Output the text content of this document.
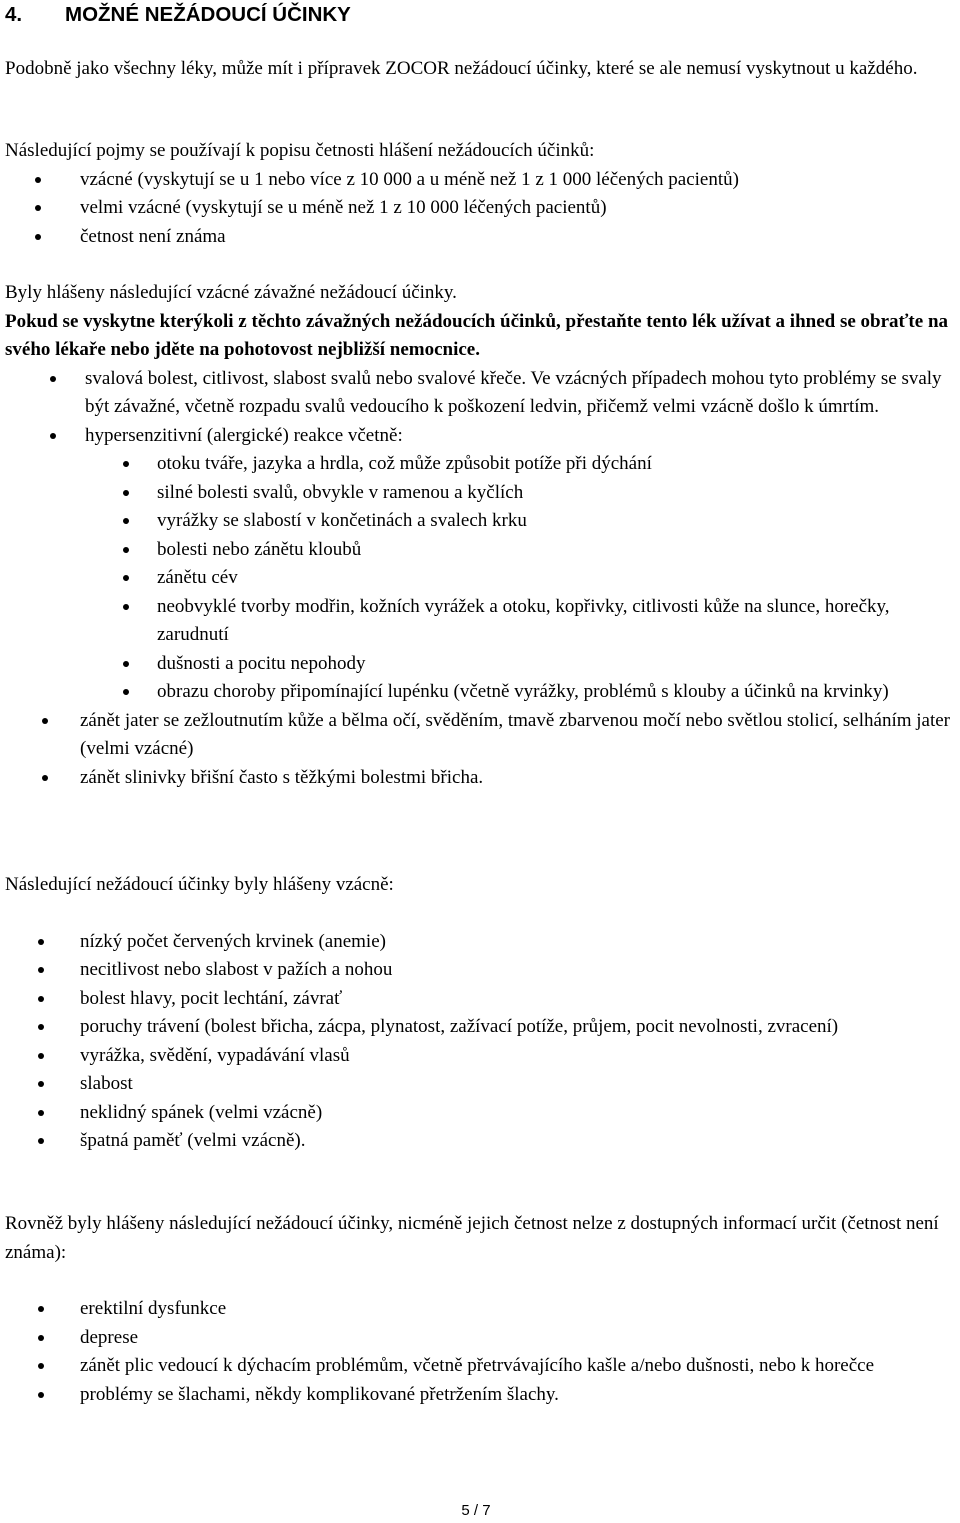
4. MOŽNÉ NEŽÁDOUCÍ ÚČINKY

Podobně jako všechny léky, může mít i přípravek ZOCOR nežádoucí účinky, které se ale nemusí vyskytnout u každého.

Následující pojmy se používají k popisu četnosti hlášení nežádoucích účinků:

vzácné (vyskytují se u 1 nebo více z 10 000 a u méně než 1 z 1 000 léčených pacientů)
velmi vzácné (vyskytují se u méně než 1 z 10 000 léčených pacientů)
četnost není známa

Byly hlášeny následující vzácné závažné nežádoucí účinky.

Pokud se vyskytne kterýkoli z těchto závažných nežádoucích účinků, přestaňte tento lék užívat a ihned se obraťte na svého lékaře nebo jděte na pohotovost nejbližší nemocnice.

svalová bolest, citlivost, slabost svalů nebo svalové křeče. Ve vzácných případech mohou tyto problémy se svaly být závažné, včetně rozpadu svalů vedoucího k poškození ledvin, přičemž velmi vzácně došlo k úmrtím.
hypersenzitivní (alergické) reakce včetně:
otoku tváře, jazyka a hrdla, což může způsobit potíže při dýchání
silné bolesti svalů, obvykle v ramenou a kyčlích
vyrážky se slabostí v končetinách a svalech krku
bolesti nebo zánětu kloubů
zánětu cév
neobvyklé tvorby modřin, kožních vyrážek a otoku, kopřivky, citlivosti kůže na slunce, horečky, zarudnutí
dušnosti a pocitu nepohody
obrazu choroby připomínající lupénku (včetně vyrážky, problémů s klouby a účinků na krvinky)
zánět jater se zežloutnutím kůže a bělma očí, svěděním, tmavě zbarvenou močí nebo světlou stolicí, selháním jater (velmi vzácné)
zánět slinivky břišní často s těžkými bolestmi břicha.

Následující nežádoucí účinky byly hlášeny vzácně:

nízký počet červených krvinek (anemie)
necitlivost nebo slabost v pažích a nohou
bolest hlavy, pocit lechtání, závrať
poruchy trávení (bolest břicha, zácpa, plynatost, zažívací potíže, průjem, pocit nevolnosti, zvracení)
vyrážka, svědění, vypadávání vlasů
slabost
neklidný spánek (velmi vzácně)
špatná paměť (velmi vzácně).

Rovněž byly hlášeny následující nežádoucí účinky, nicméně jejich četnost nelze z dostupných informací určit (četnost není známa):

erektilní dysfunkce
deprese
zánět plic vedoucí k dýchacím problémům, včetně přetrvávajícího kašle a/nebo dušnosti, nebo k horečce
problémy se šlachami, někdy komplikované přetržením šlachy.
5 / 7
